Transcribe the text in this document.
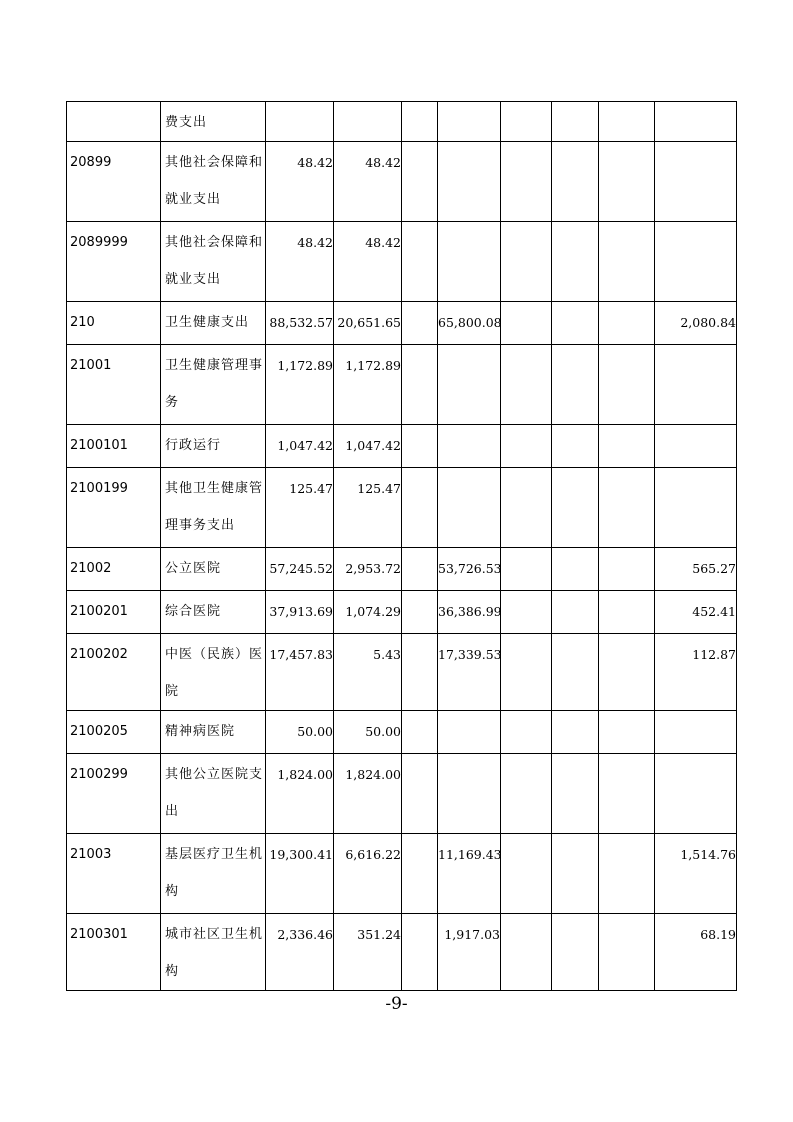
	费支出								
20899	其他社会保障和就业支出	48.42	48.42						
2089999	其他社会保障和就业支出	48.42	48.42						
210	卫生健康支出	88,532.57	20,651.65		65,800.08				2,080.84
21001	卫生健康管理事务	1,172.89	1,172.89						
2100101	行政运行	1,047.42	1,047.42						
2100199	其他卫生健康管理事务支出	125.47	125.47						
21002	公立医院	57,245.52	2,953.72		53,726.53				565.27
2100201	综合医院	37,913.69	1,074.29		36,386.99				452.41
2100202	中医（民族）医院	17,457.83	5.43		17,339.53				112.87
2100205	精神病医院	50.00	50.00						
2100299	其他公立医院支出	1,824.00	1,824.00						
21003	基层医疗卫生机构	19,300.41	6,616.22		11,169.43				1,514.76
2100301	城市社区卫生机构	2,336.46	351.24		1,917.03				68.19
-9-
